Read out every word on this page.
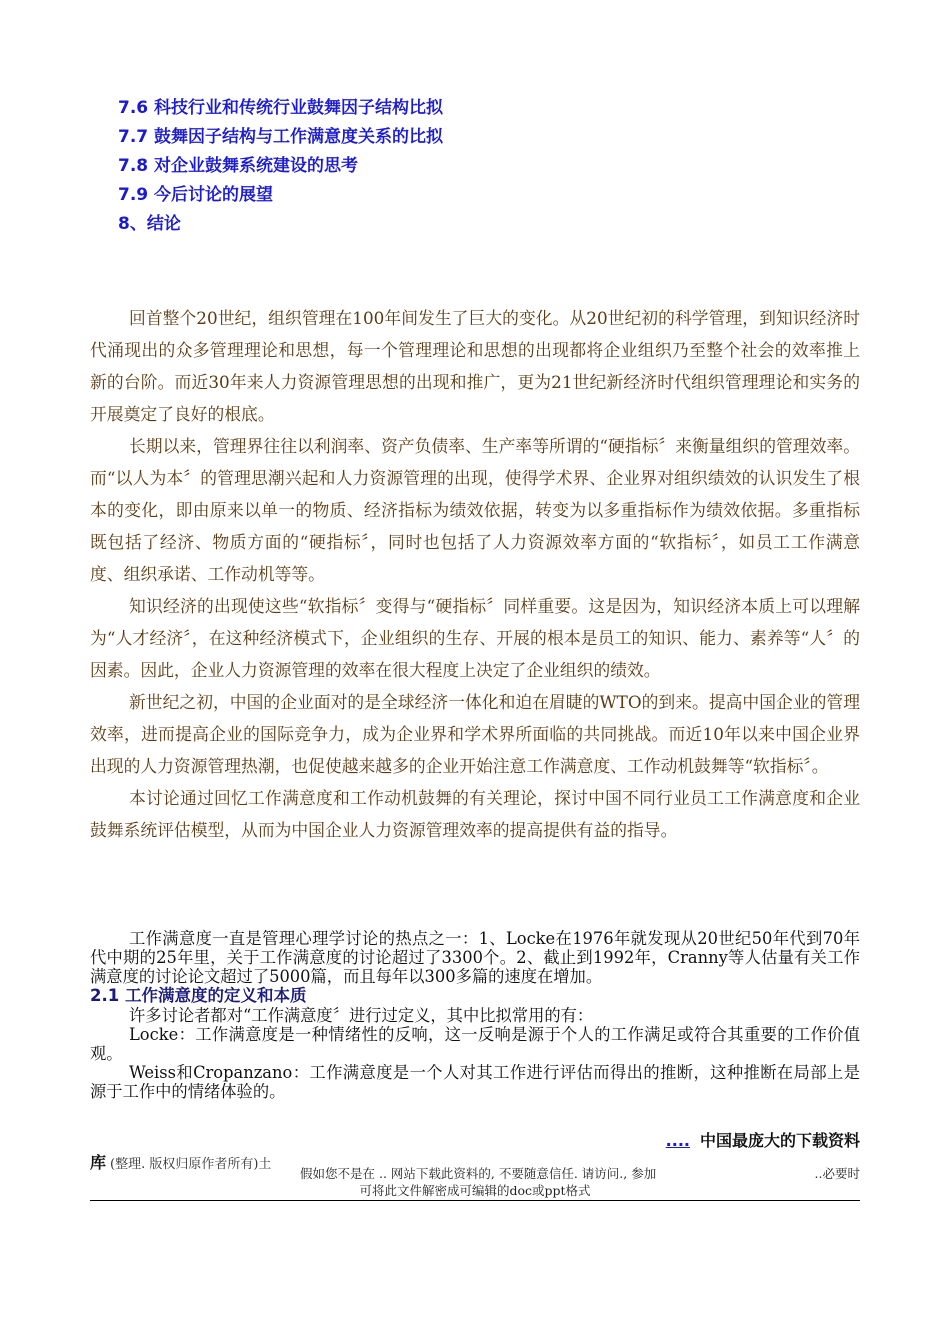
7.6 科技行业和传统行业鼓舞因子结构比拟
7.7 鼓舞因子结构与工作满意度关系的比拟
7.8 对企业鼓舞系统建设的思考
7.9 今后讨论的展望
8、结论

回首整个20世纪，组织管理在100年间发生了巨大的变化。从20世纪初的科学管理，到知识经济时代涌现出的众多管理理论和思想，每一个管理理论和思想的出现都将企业组织乃至整个社会的效率推上新的台阶。而近30年来人力资源管理思想的出现和推广，更为21世纪新经济时代组织管理理论和实务的开展奠定了良好的根底。

长期以来，管理界往往以利润率、资产负债率、生产率等所谓的“硬指标〞来衡量组织的管理效率。而“以人为本〞的管理思潮兴起和人力资源管理的出现，使得学术界、企业界对组织绩效的认识发生了根本的变化，即由原来以单一的物质、经济指标为绩效依据，转变为以多重指标作为绩效依据。多重指标既包括了经济、物质方面的“硬指标〞，同时也包括了人力资源效率方面的“软指标〞，如员工工作满意度、组织承诺、工作动机等等。

知识经济的出现使这些“软指标〞变得与“硬指标〞同样重要。这是因为，知识经济本质上可以理解为“人才经济〞，在这种经济模式下，企业组织的生存、开展的根本是员工的知识、能力、素养等“人〞的因素。因此，企业人力资源管理的效率在很大程度上决定了企业组织的绩效。

新世纪之初，中国的企业面对的是全球经济一体化和迫在眉睫的WTO的到来。提高中国企业的管理效率，进而提高企业的国际竞争力，成为企业界和学术界所面临的共同挑战。而近10年以来中国企业界出现的人力资源管理热潮，也促使越来越多的企业开始注意工作满意度、工作动机鼓舞等“软指标〞。

本讨论通过回忆工作满意度和工作动机鼓舞的有关理论，探讨中国不同行业员工工作满意度和企业鼓舞系统评估模型，从而为中国企业人力资源管理效率的提高提供有益的指导。

工作满意度一直是管理心理学讨论的热点之一：1、Locke在1976年就发现从20世纪50年代到70年代中期的25年里，关于工作满意度的讨论超过了3300个。2、截止到1992年，Cranny等人估量有关工作满意度的讨论论文超过了5000篇，而且每年以300多篇的速度在增加。

2.1 工作满意度的定义和本质

许多讨论者都对“工作满意度〞进行过定义，其中比拟常用的有：

Locke：工作满意度是一种情绪性的反响，这一反响是源于个人的工作满足或符合其重要的工作价值观。

Weiss和Cropanzano：工作满意度是一个人对其工作进行评估而得出的推断，这种推断在局部上是源于工作中的情绪体验的。

.... 中国最庞大的下载资料
库 (整理. 版权归原作者所有)土
假如您不是在 .. 网站下载此资料的, 不要随意信任. 请访问., 参加	..必要时
可将此文件解密成可编辑的doc或ppt格式
